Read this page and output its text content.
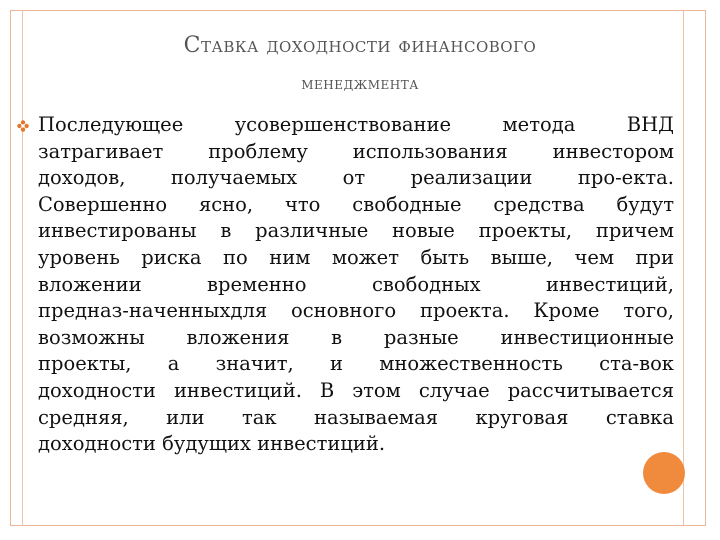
Ставка доходности финансового
менеджмента
Последующее усовершенствование метода ВНД
затрагивает проблему использования инвестором
доходов, получаемых от реализации про-екта.
Совершенно ясно, что свободные средства будут
инвестированы в различные новые проекты, причем
уровень риска по ним может быть выше, чем при
вложении временно свободных инвестиций,
предназ-наченныхдля основного проекта. Кроме того,
возможны вложения в разные инвестиционные
проекты, а значит, и множественность ста-вок
доходности инвестиций. В этом случае рассчитывается
средняя, или так называемая круговая ставка
доходности будущих инвестиций.
